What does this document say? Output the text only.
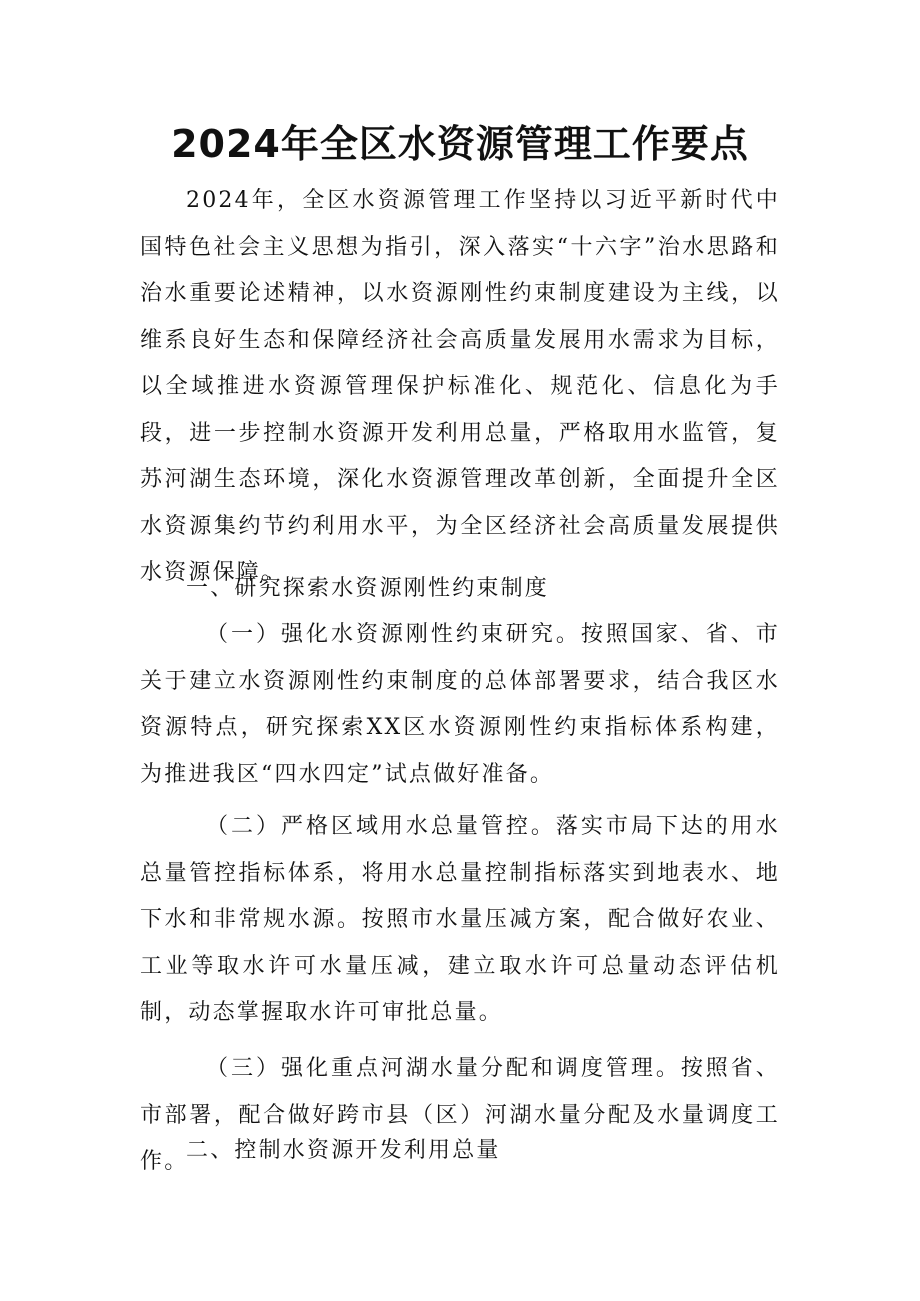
2024年全区水资源管理工作要点

2024年，全区水资源管理工作坚持以习近平新时代中国特色社会主义思想为指引，深入落实“十六字”治水思路和治水重要论述精神，以水资源刚性约束制度建设为主线，以维系良好生态和保障经济社会高质量发展用水需求为目标，以全域推进水资源管理保护标准化、规范化、信息化为手段，进一步控制水资源开发利用总量，严格取用水监管，复苏河湖生态环境，深化水资源管理改革创新，全面提升全区水资源集约节约利用水平，为全区经济社会高质量发展提供水资源保障。

一、研究探索水资源刚性约束制度

（一）强化水资源刚性约束研究。按照国家、省、市关于建立水资源刚性约束制度的总体部署要求，结合我区水资源特点，研究探索XX区水资源刚性约束指标体系构建，为推进我区“四水四定”试点做好准备。

（二）严格区域用水总量管控。落实市局下达的用水总量管控指标体系，将用水总量控制指标落实到地表水、地下水和非常规水源。按照市水量压减方案，配合做好农业、工业等取水许可水量压减，建立取水许可总量动态评估机制，动态掌握取水许可审批总量。

（三）强化重点河湖水量分配和调度管理。按照省、市部署，配合做好跨市县（区）河湖水量分配及水量调度工作。

二、控制水资源开发利用总量
